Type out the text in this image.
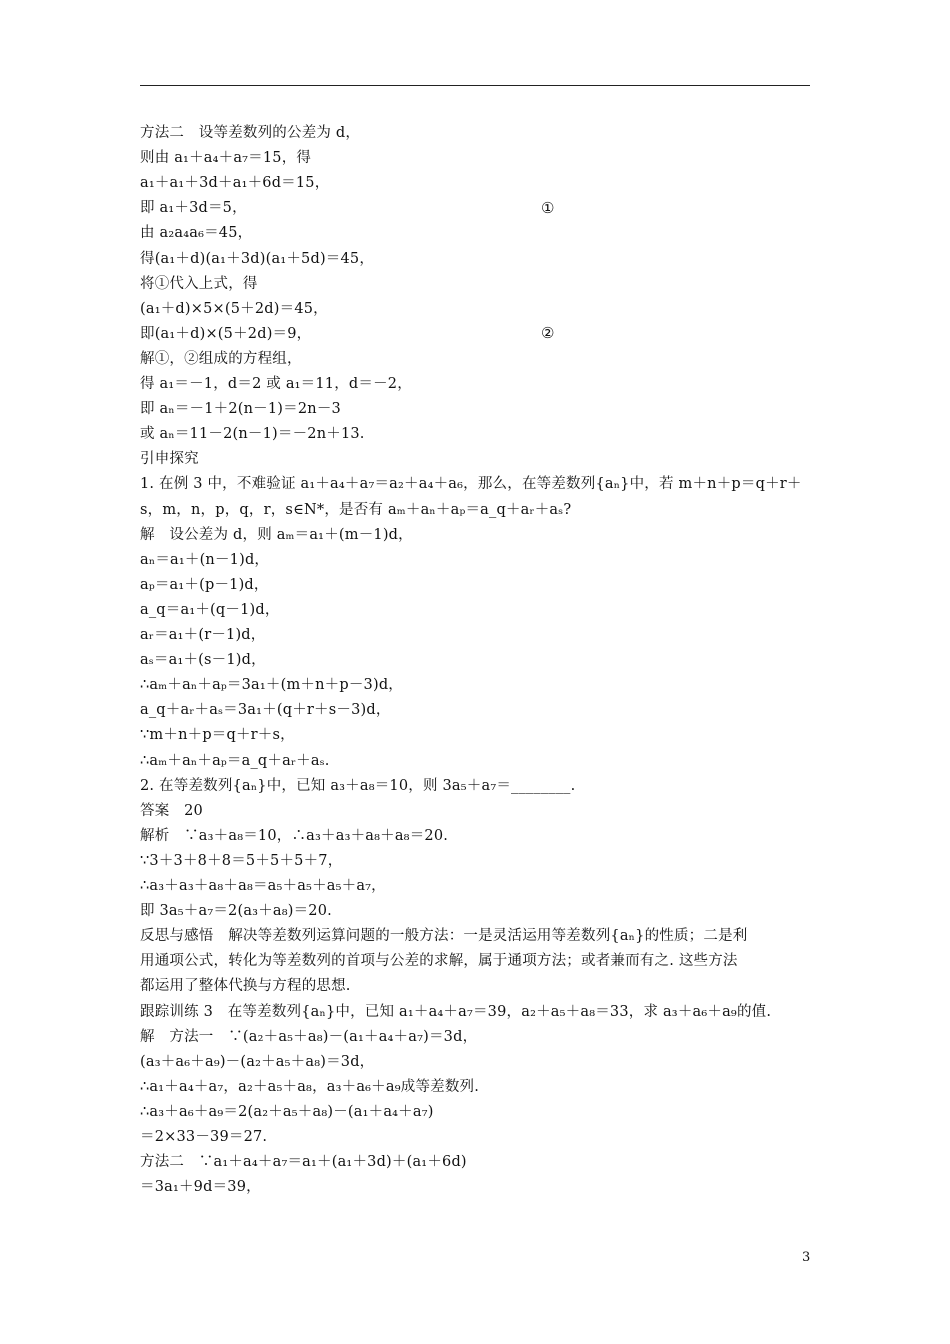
方法二　设等差数列的公差为 d，
则由 a₁＋a₄＋a₇＝15，得
a₁＋a₁＋3d＋a₁＋6d＝15，
即 a₁＋3d＝5，
由 a₂a₄a₆＝45，
得(a₁＋d)(a₁＋3d)(a₁＋5d)＝45，
将①代入上式，得
(a₁＋d)×5×(5＋2d)＝45，
即(a₁＋d)×(5＋2d)＝9，
解①，②组成的方程组，
得 a₁＝－1，d＝2 或 a₁＝11，d＝－2，
即 aₙ＝－1＋2(n－1)＝2n－3
或 aₙ＝11－2(n－1)＝－2n＋13.
引申探究
1. 在例 3 中，不难验证 a₁＋a₄＋a₇＝a₂＋a₄＋a₆，那么，在等差数列{aₙ}中，若 m＋n＋p＝q＋r＋
s，m，n，p，q，r，s∈N*，是否有 aₘ＋aₙ＋aₚ＝a_q＋aᵣ＋aₛ?
解　设公差为 d，则 aₘ＝a₁＋(m－1)d，
aₙ＝a₁＋(n－1)d，
aₚ＝a₁＋(p－1)d，
a_q＝a₁＋(q－1)d，
aᵣ＝a₁＋(r－1)d，
aₛ＝a₁＋(s－1)d，
∴aₘ＋aₙ＋aₚ＝3a₁＋(m＋n＋p－3)d，
a_q＋aᵣ＋aₛ＝3a₁＋(q＋r＋s－3)d，
∵m＋n＋p＝q＋r＋s，
∴aₘ＋aₙ＋aₚ＝a_q＋aᵣ＋aₛ.
2. 在等差数列{aₙ}中，已知 a₃＋a₈＝10，则 3a₅＋a₇＝________.
答案　20
解析　∵a₃＋a₈＝10，∴a₃＋a₃＋a₈＋a₈＝20.
∵3＋3＋8＋8＝5＋5＋5＋7，
∴a₃＋a₃＋a₈＋a₈＝a₅＋a₅＋a₅＋a₇，
即 3a₅＋a₇＝2(a₃＋a₈)＝20.
反思与感悟　解决等差数列运算问题的一般方法：一是灵活运用等差数列{aₙ}的性质；二是利
用通项公式，转化为等差数列的首项与公差的求解，属于通项方法；或者兼而有之. 这些方法
都运用了整体代换与方程的思想.
跟踪训练 3　在等差数列{aₙ}中，已知 a₁＋a₄＋a₇＝39，a₂＋a₅＋a₈＝33，求 a₃＋a₆＋a₉的值.
解　方法一　∵(a₂＋a₅＋a₈)－(a₁＋a₄＋a₇)＝3d，
(a₃＋a₆＋a₉)－(a₂＋a₅＋a₈)＝3d，
∴a₁＋a₄＋a₇，a₂＋a₅＋a₈，a₃＋a₆＋a₉成等差数列.
∴a₃＋a₆＋a₉＝2(a₂＋a₅＋a₈)－(a₁＋a₄＋a₇)
＝2×33－39＝27.
方法二　∵a₁＋a₄＋a₇＝a₁＋(a₁＋3d)＋(a₁＋6d)
＝3a₁＋9d＝39，
①
②
3
